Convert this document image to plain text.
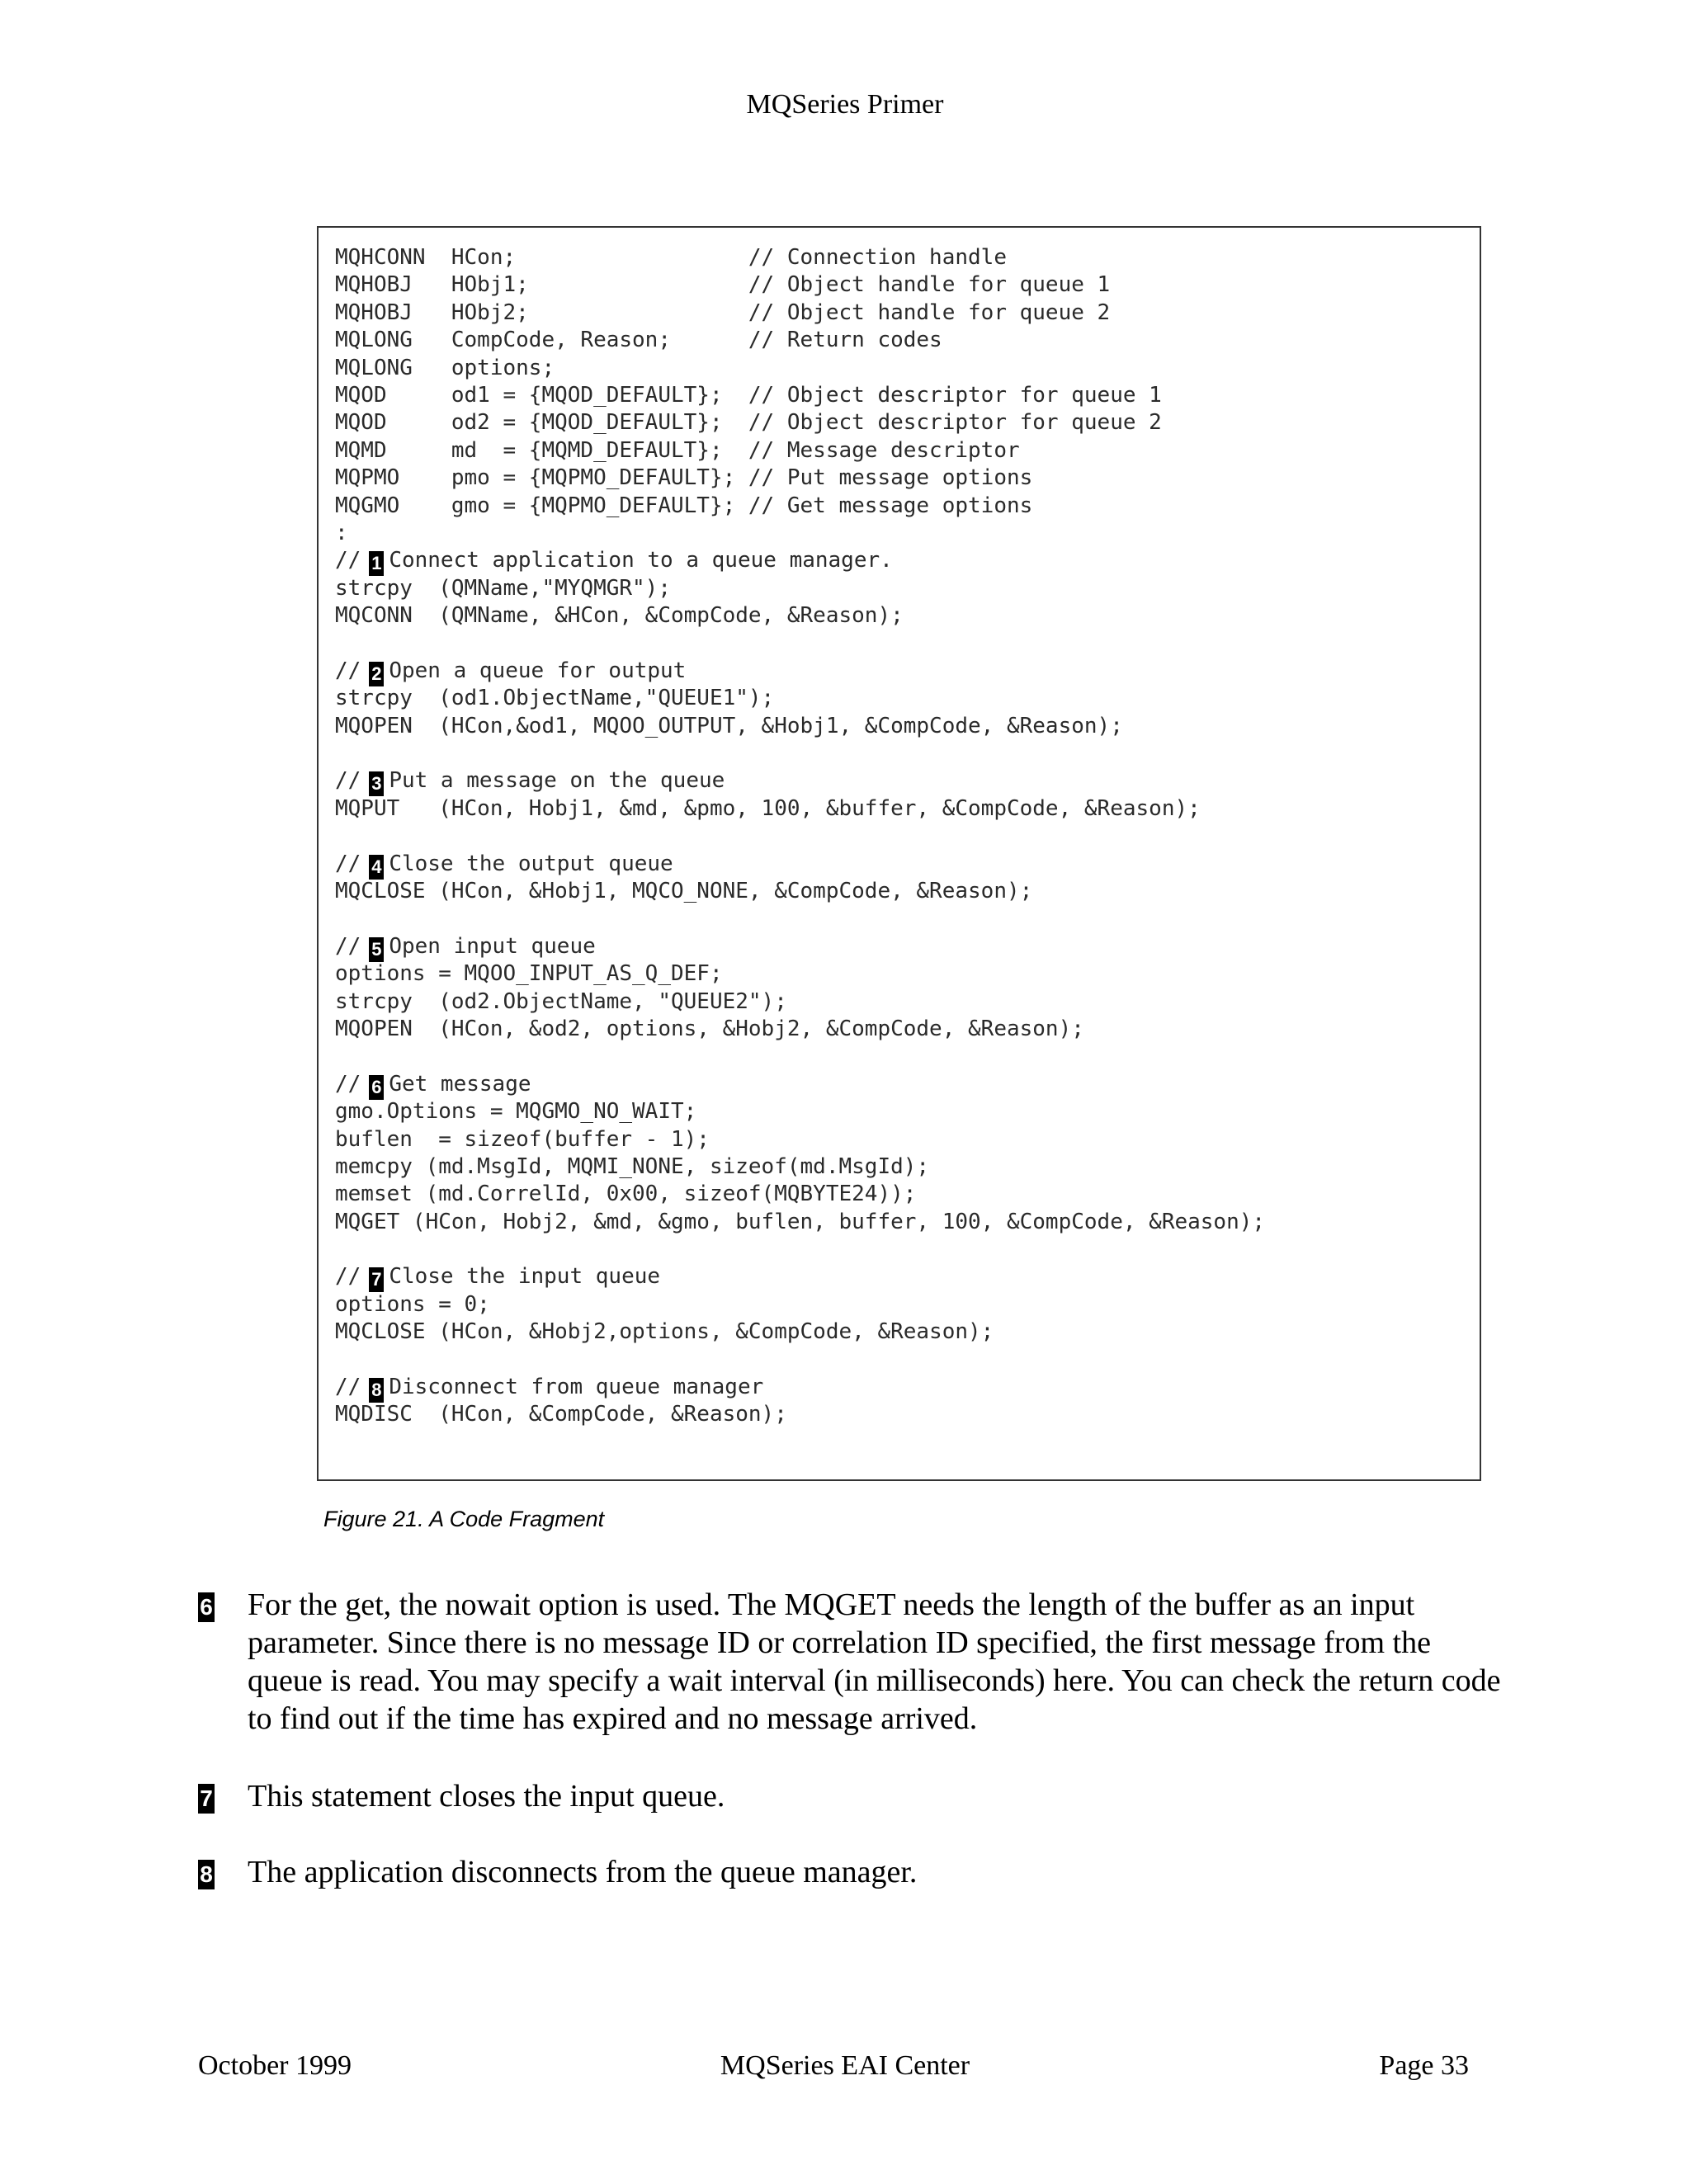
MQSeries Primer
MQHCONN  HCon;                  // Connection handle
MQHOBJ   HObj1;                 // Object handle for queue 1
MQHOBJ   HObj2;                 // Object handle for queue 2
MQLONG   CompCode, Reason;      // Return codes
MQLONG   options;
MQOD     od1 = {MQOD_DEFAULT};  // Object descriptor for queue 1
MQOD     od2 = {MQOD_DEFAULT};  // Object descriptor for queue 2
MQMD     md  = {MQMD_DEFAULT};  // Message descriptor
MQPMO    pmo = {MQPMO_DEFAULT}; // Put message options
MQGMO    gmo = {MQPMO_DEFAULT}; // Get message options
:
// 1 Connect application to a queue manager.
strcpy  (QMName,"MYQMGR");
MQCONN  (QMName, &HCon, &CompCode, &Reason);
// 2 Open a queue for output
strcpy  (od1.ObjectName,"QUEUE1");
MQOPEN  (HCon,&od1, MQOO_OUTPUT, &Hobj1, &CompCode, &Reason);
// 3 Put a message on the queue
MQPUT   (HCon, Hobj1, &md, &pmo, 100, &buffer, &CompCode, &Reason);
// 4 Close the output queue
MQCLOSE (HCon, &Hobj1, MQCO_NONE, &CompCode, &Reason);
// 5 Open input queue
options = MQOO_INPUT_AS_Q_DEF;
strcpy  (od2.ObjectName, "QUEUE2");
MQOPEN  (HCon, &od2, options, &Hobj2, &CompCode, &Reason);
// 6 Get message
gmo.Options = MQGMO_NO_WAIT;
buflen  = sizeof(buffer - 1);
memcpy (md.MsgId, MQMI_NONE, sizeof(md.MsgId);
memset (md.CorrelId, 0x00, sizeof(MQBYTE24));
MQGET (HCon, Hobj2, &md, &gmo, buflen, buffer, 100, &CompCode, &Reason);
// 7 Close the input queue
options = 0;
MQCLOSE (HCon, &Hobj2,options, &CompCode, &Reason);
// 8 Disconnect from queue manager
MQDISC  (HCon, &CompCode, &Reason);
Figure 21. A Code Fragment
6 For the get, the nowait option is used. The MQGET needs the length of the buffer as an input parameter. Since there is no message ID or correlation ID specified, the first message from the queue is read. You may specify a wait interval (in milliseconds) here. You can check the return code to find out if the time has expired and no message arrived.
7 This statement closes the input queue.
8 The application disconnects from the queue manager.
October 1999	MQSeries EAI Center	Page 33
